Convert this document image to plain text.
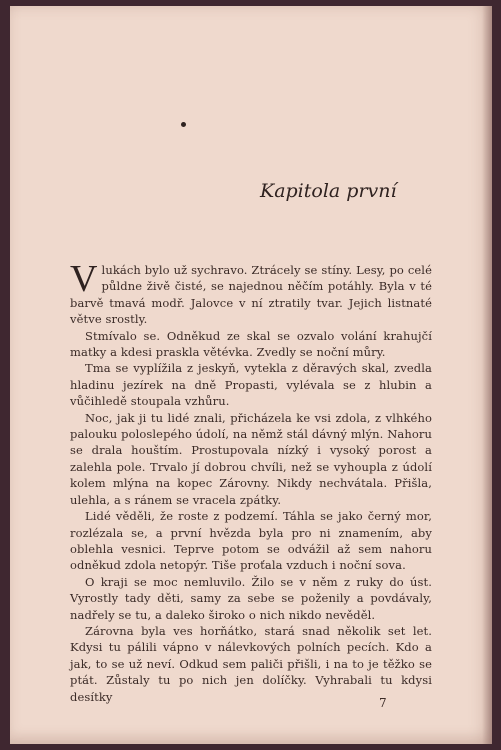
Kapitola první

Vlukách bylo už sychravo. Ztrácely se stíny. Lesy, po celé půldne živě čisté, se najednou něčím potáhly. Byla v té barvě tmavá modř. Jalovce v ní ztratily tvar. Jejich listnaté větve srostly.

Stmívalo se. Odněkud ze skal se ozvalo volání krahujčí matky a kdesi praskla větévka. Zvedly se noční můry.

Tma se vyplížila z jeskyň, vytekla z děravých skal, zvedla hladinu jezírek na dně Propasti, vylévala se z hlubin a vůčihledě stoupala vzhůru.

Noc, jak ji tu lidé znali, přicházela ke vsi zdola, z vlhkého palouku poloslepého údolí, na němž stál dávný mlýn. Nahoru se drala houštím. Prostupovala nízký i vysoký porost a zalehla pole. Trvalo jí dobrou chvíli, než se vyhoupla z údolí kolem mlýna na kopec Zárovny. Nikdy nechvátala. Přišla, ulehla, a s ránem se vracela zpátky.

Lidé věděli, že roste z podzemí. Táhla se jako černý mor, rozlézala se, a první hvězda byla pro ni znamením, aby oblehla vesnici. Teprve potom se odvážil až sem nahoru odněkud zdola netopýr. Tiše proťala vzduch i noční sova.

O kraji se moc nemluvilo. Žilo se v něm z ruky do úst. Vyrostly tady děti, samy za sebe se poženily a povdávaly, nadřely se tu, a daleko široko o nich nikdo nevěděl.

Zárovna byla ves horňátko, stará snad několik set let. Kdysi tu pálili vápno v nálevkových polních pecích. Kdo a jak, to se už neví. Odkud sem paliči přišli, i na to je těžko se ptát. Zůstaly tu po nich jen dolíčky. Vyhrabali tu kdysi desítky	7
